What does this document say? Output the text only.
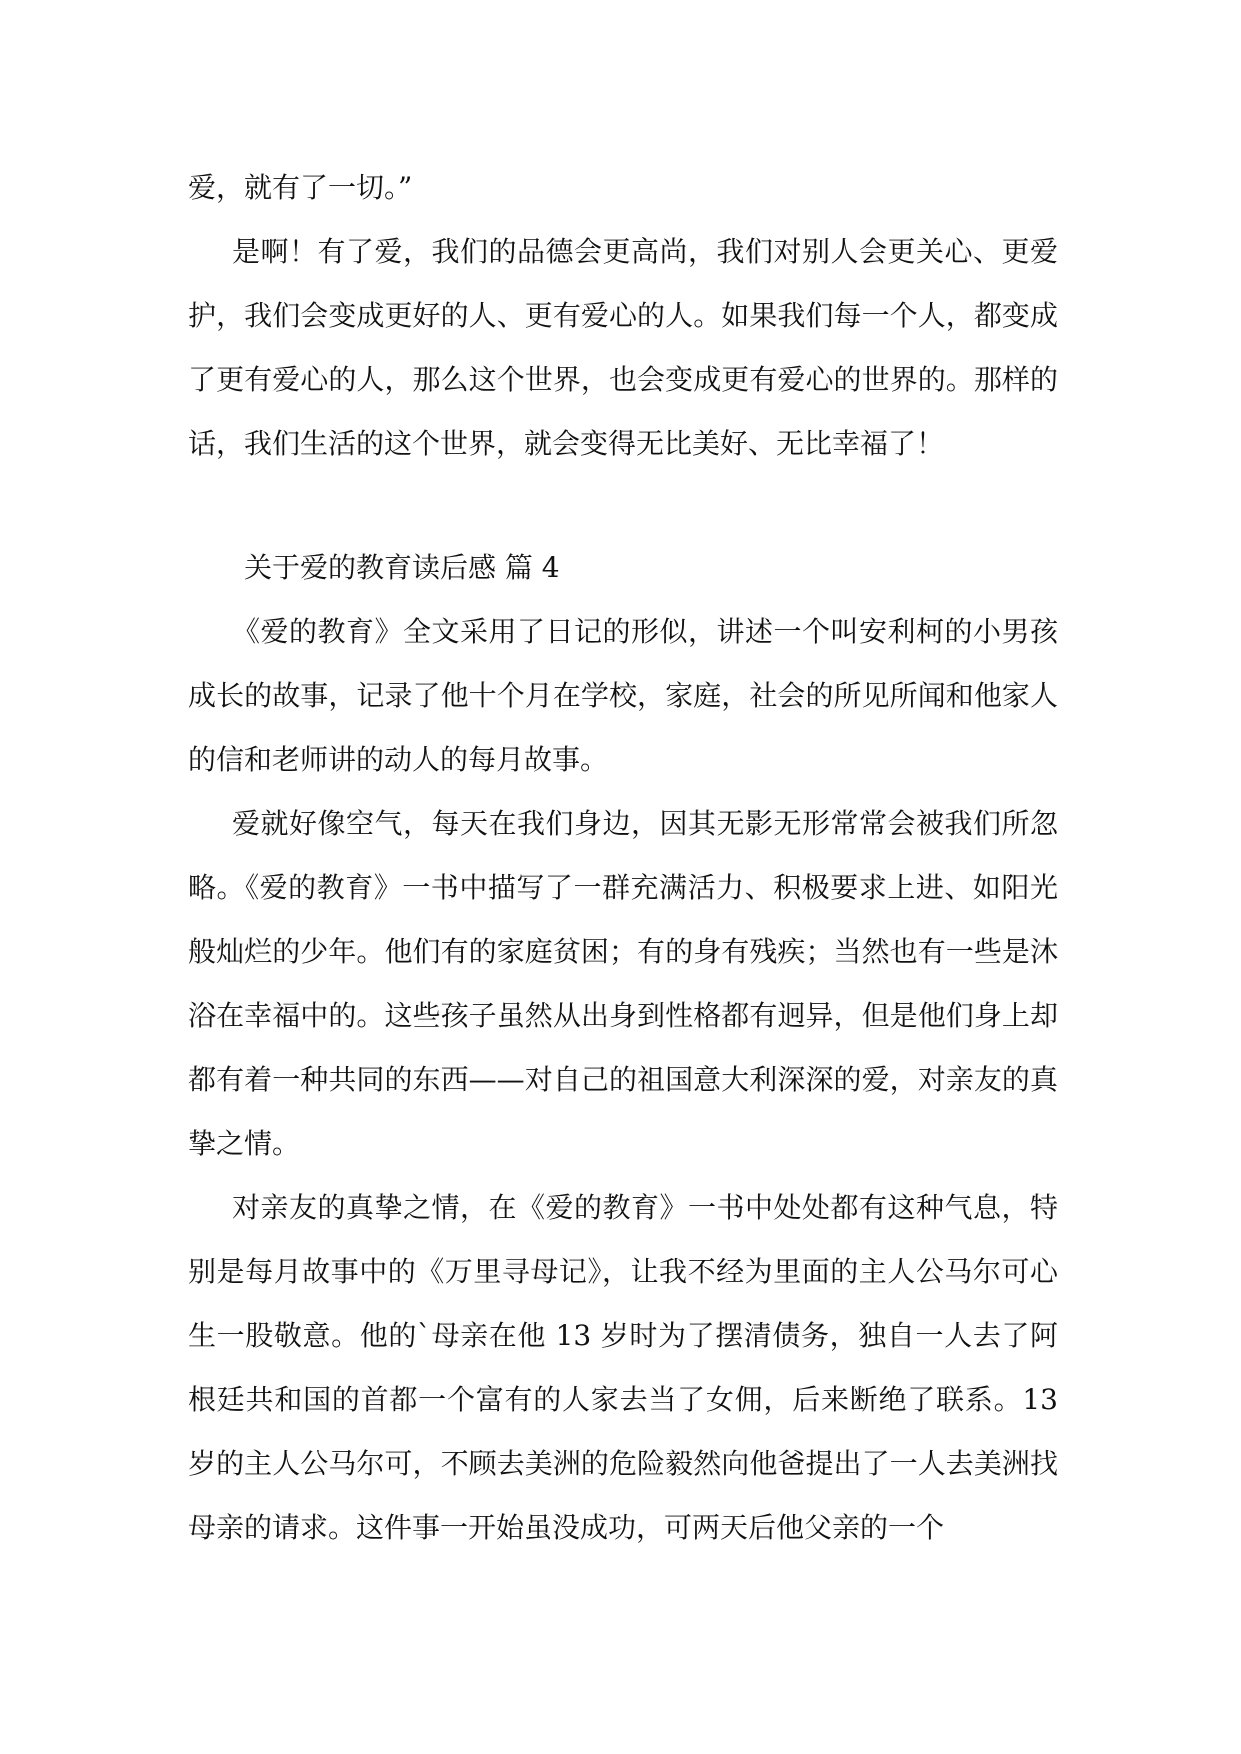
爱，就有了一切。”

是啊！有了爱，我们的品德会更高尚，我们对别人会更关心、更爱护，我们会变成更好的人、更有爱心的人。如果我们每一个人，都变成了更有爱心的人，那么这个世界，也会变成更有爱心的世界的。那样的话，我们生活的这个世界，就会变得无比美好、无比幸福了！

关于爱的教育读后感 篇 4

《爱的教育》全文采用了日记的形似，讲述一个叫安利柯的小男孩成长的故事，记录了他十个月在学校，家庭，社会的所见所闻和他家人的信和老师讲的动人的每月故事。

爱就好像空气，每天在我们身边，因其无影无形常常会被我们所忽略。《爱的教育》一书中描写了一群充满活力、积极要求上进、如阳光般灿烂的少年。他们有的家庭贫困；有的身有残疾；当然也有一些是沐浴在幸福中的。这些孩子虽然从出身到性格都有迥异，但是他们身上却都有着一种共同的东西——对自己的祖国意大利深深的爱，对亲友的真挚之情。

对亲友的真挚之情，在《爱的教育》一书中处处都有这种气息，特别是每月故事中的《万里寻母记》，让我不经为里面的主人公马尔可心生一股敬意。他的`母亲在他 13 岁时为了摆清债务，独自一人去了阿根廷共和国的首都一个富有的人家去当了女佣，后来断绝了联系。13 岁的主人公马尔可，不顾去美洲的危险毅然向他爸提出了一人去美洲找母亲的请求。这件事一开始虽没成功，可两天后他父亲的一个
